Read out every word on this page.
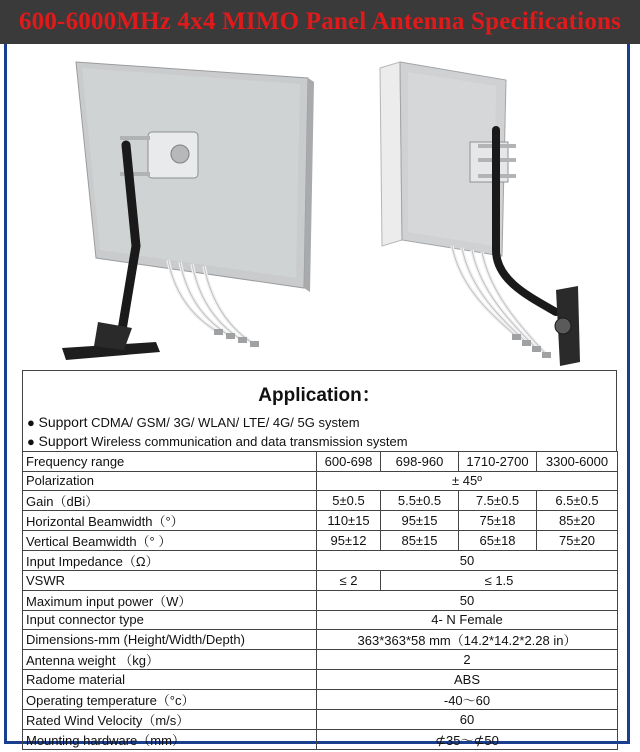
600-6000MHz 4x4 MIMO Panel Antenna Specifications
Application：
● Support CDMA/ GSM/ 3G/ WLAN/ LTE/ 4G/ 5G system
● Support Wireless communication and data transmission system
Frequency range	600-698	698-960	1710-2700	3300-6000
Polarization	± 45º			
Gain（dBi）	5±0.5	5.5±0.5	7.5±0.5	6.5±0.5
Horizontal Beamwidth（°）	110±15	95±15	75±18	85±20
Vertical Beamwidth（° ）	95±12	85±15	65±18	75±20
Input Impedance（Ω）	50			
VSWR	≤ 2	≤ 1.5		
Maximum input power（W）	50			
Input connector type	4- N Female			
Dimensions-mm (Height/Width/Depth)	363*363*58 mm（14.2*14.2*2.28 in）			
Antenna weight （kg）	2			
Radome material	ABS			
Operating temperature（°c）	-40～60			
Rated Wind Velocity（m/s）	60			
Mounting hardware（mm）	⊄35～⊄50			
